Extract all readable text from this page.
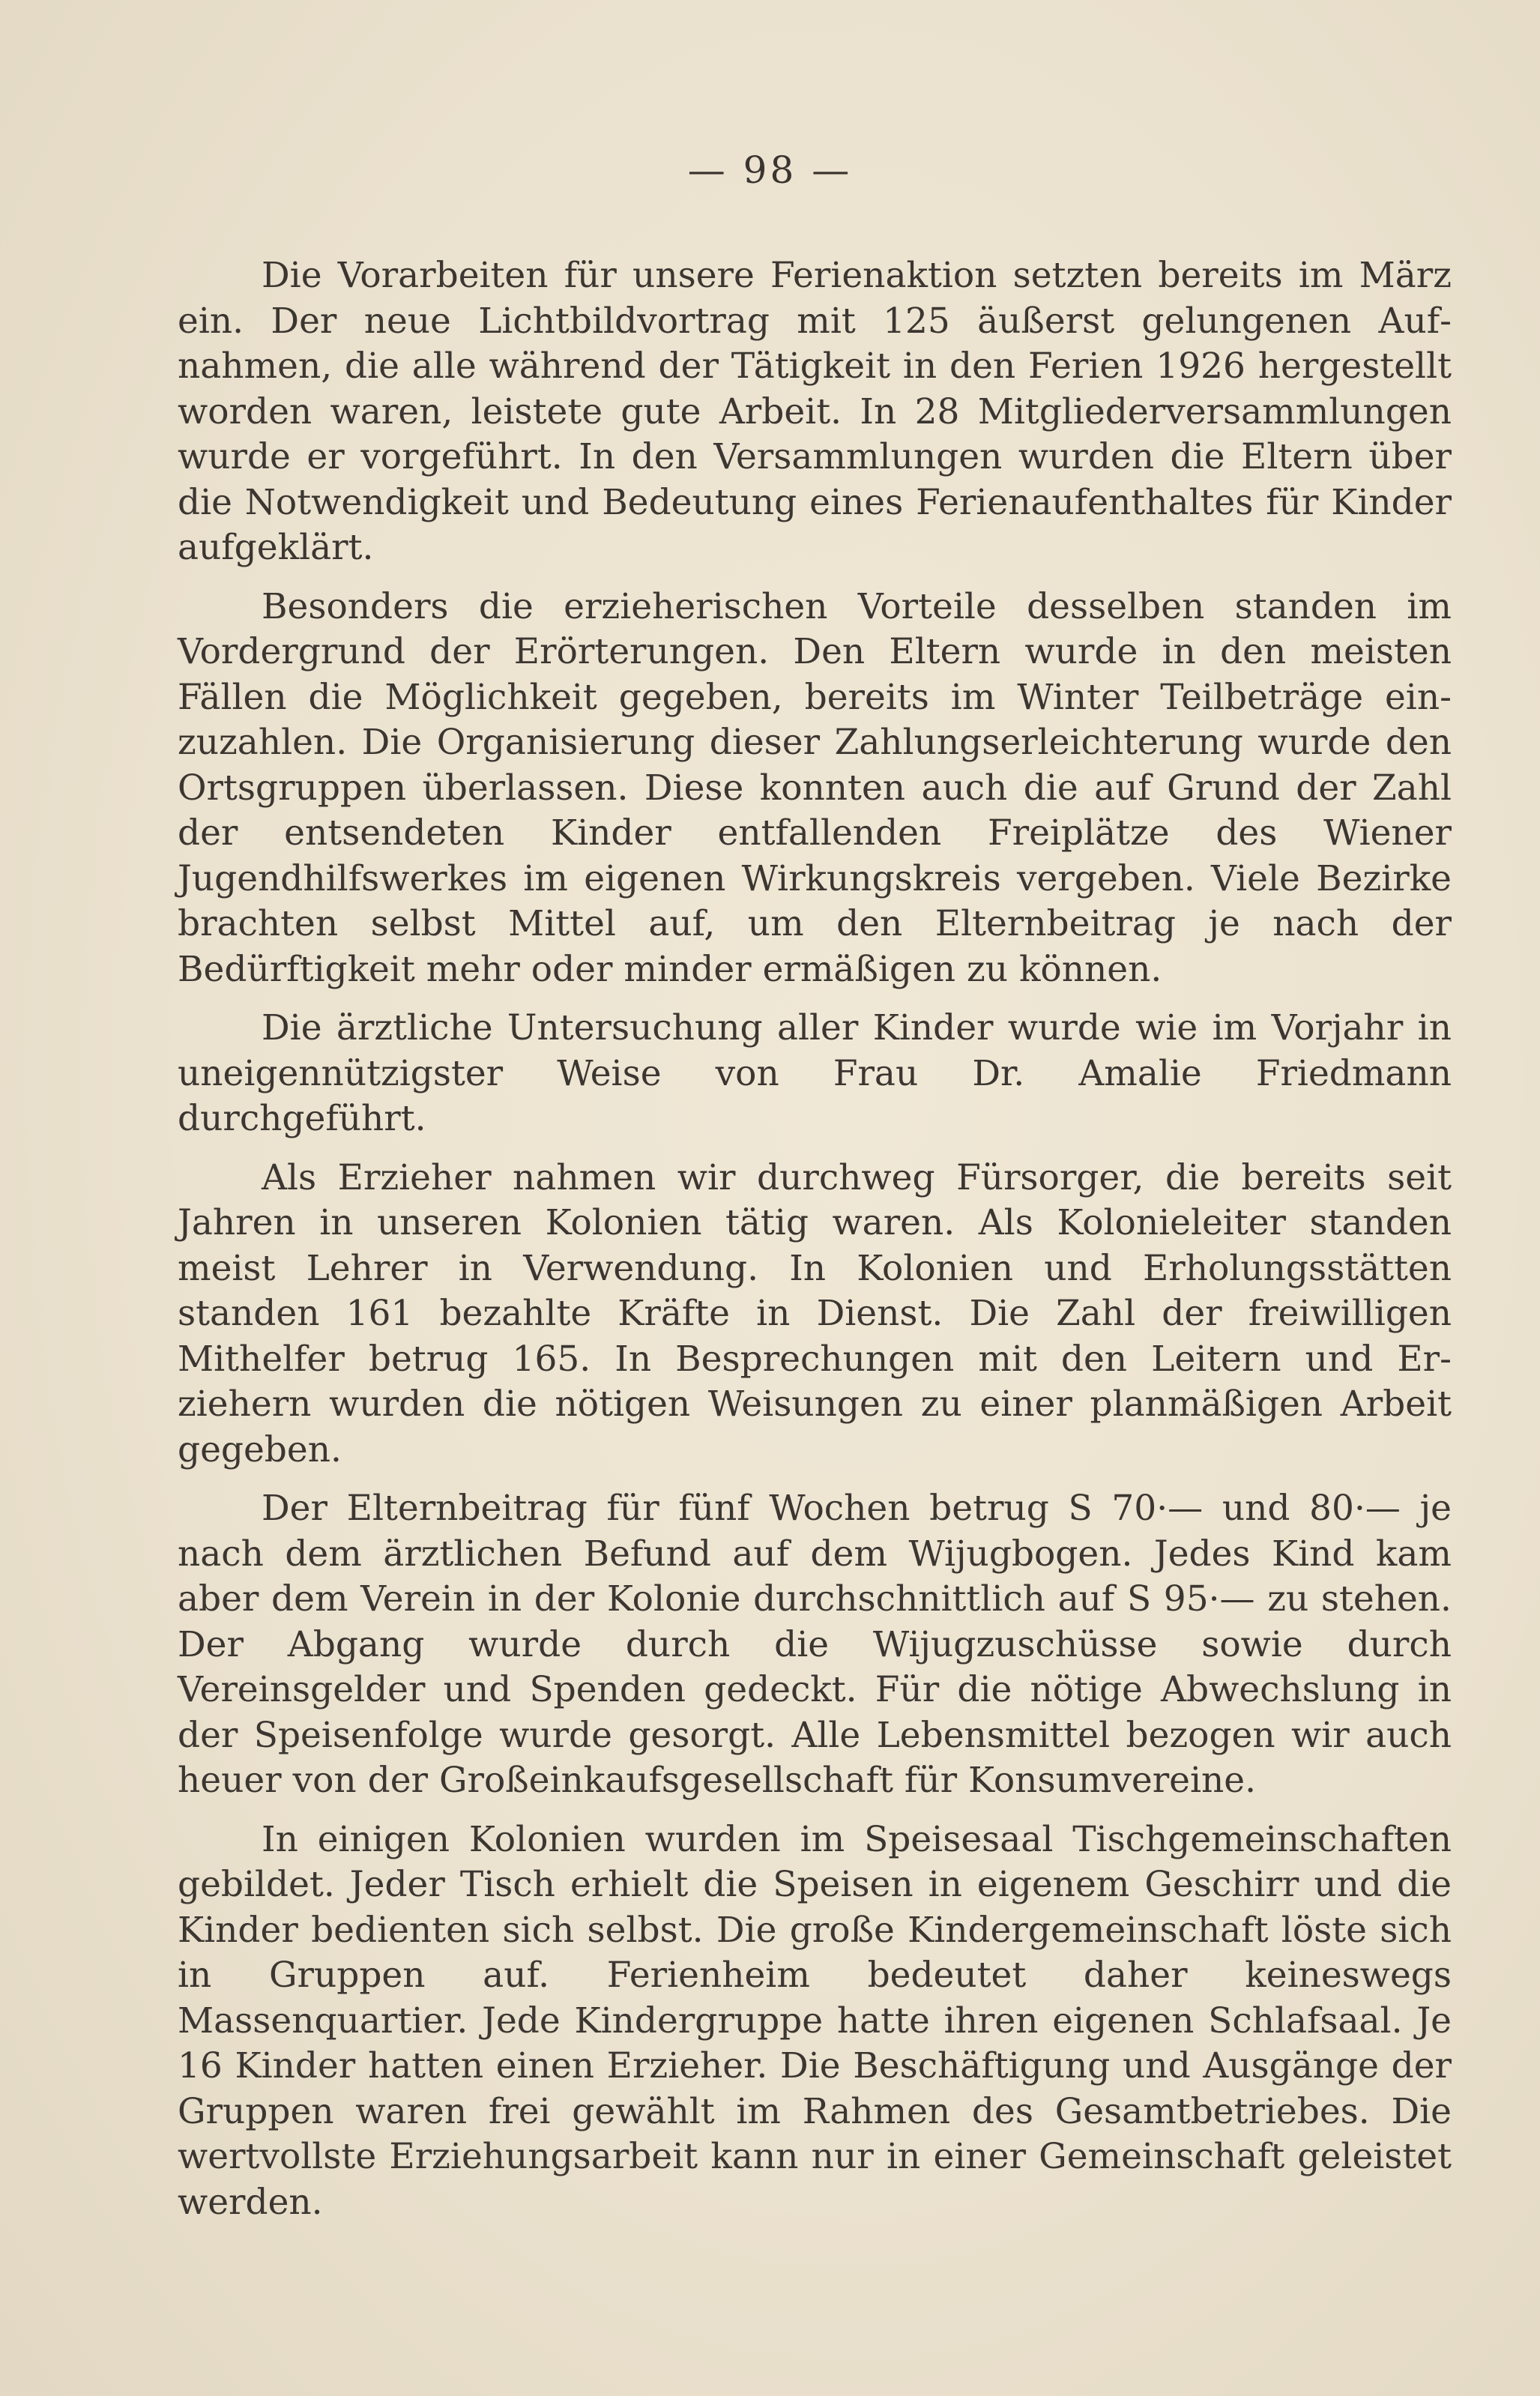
— 98 —

Die Vorarbeiten für unsere Ferienaktion setzten bereits im März ein. Der neue Lichtbildvortrag mit 125 äußerst gelungenen Aufnahmen, die alle während der Tätigkeit in den Ferien 1926 hergestellt worden waren, leistete gute Arbeit. In 28 Mitgliederversammlungen wurde er vorgeführt. In den Versammlungen wurden die Eltern über die Notwendigkeit und Bedeutung eines Ferienaufenthaltes für Kinder aufgeklärt.

Besonders die erzieherischen Vorteile desselben standen im Vordergrund der Erörterungen. Den Eltern wurde in den meisten Fällen die Möglichkeit gegeben, bereits im Winter Teilbeträge einzuzahlen. Die Organisierung dieser Zahlungserleichterung wurde den Ortsgruppen überlassen. Diese konnten auch die auf Grund der Zahl der entsendeten Kinder entfallenden Freiplätze des Wiener Jugendhilfswerkes im eigenen Wirkungskreis vergeben. Viele Bezirke brachten selbst Mittel auf, um den Elternbeitrag je nach der Bedürftigkeit mehr oder minder ermäßigen zu können.

Die ärztliche Untersuchung aller Kinder wurde wie im Vorjahr in uneigennützigster Weise von Frau Dr. Amalie Friedmann durchgeführt.

Als Erzieher nahmen wir durchweg Fürsorger, die bereits seit Jahren in unseren Kolonien tätig waren. Als Kolonieleiter standen meist Lehrer in Verwendung. In Kolonien und Erholungsstätten standen 161 bezahlte Kräfte in Dienst. Die Zahl der freiwilligen Mithelfer betrug 165. In Besprechungen mit den Leitern und Erziehern wurden die nötigen Weisungen zu einer planmäßigen Arbeit gegeben.

Der Elternbeitrag für fünf Wochen betrug S 70·— und 80·— je nach dem ärztlichen Befund auf dem Wijugbogen. Jedes Kind kam aber dem Verein in der Kolonie durchschnittlich auf S 95·— zu stehen. Der Abgang wurde durch die Wijugzuschüsse sowie durch Vereinsgelder und Spenden gedeckt. Für die nötige Abwechslung in der Speisenfolge wurde gesorgt. Alle Lebensmittel bezogen wir auch heuer von der Großeinkaufsgesellschaft für Konsumvereine.

In einigen Kolonien wurden im Speisesaal Tischgemeinschaften gebildet. Jeder Tisch erhielt die Speisen in eigenem Geschirr und die Kinder bedienten sich selbst. Die große Kindergemeinschaft löste sich in Gruppen auf. Ferienheim bedeutet daher keineswegs Massenquartier. Jede Kindergruppe hatte ihren eigenen Schlafsaal. Je 16 Kinder hatten einen Erzieher. Die Beschäftigung und Ausgänge der Gruppen waren frei gewählt im Rahmen des Gesamtbetriebes. Die wertvollste Erziehungsarbeit kann nur in einer Gemeinschaft geleistet werden.
